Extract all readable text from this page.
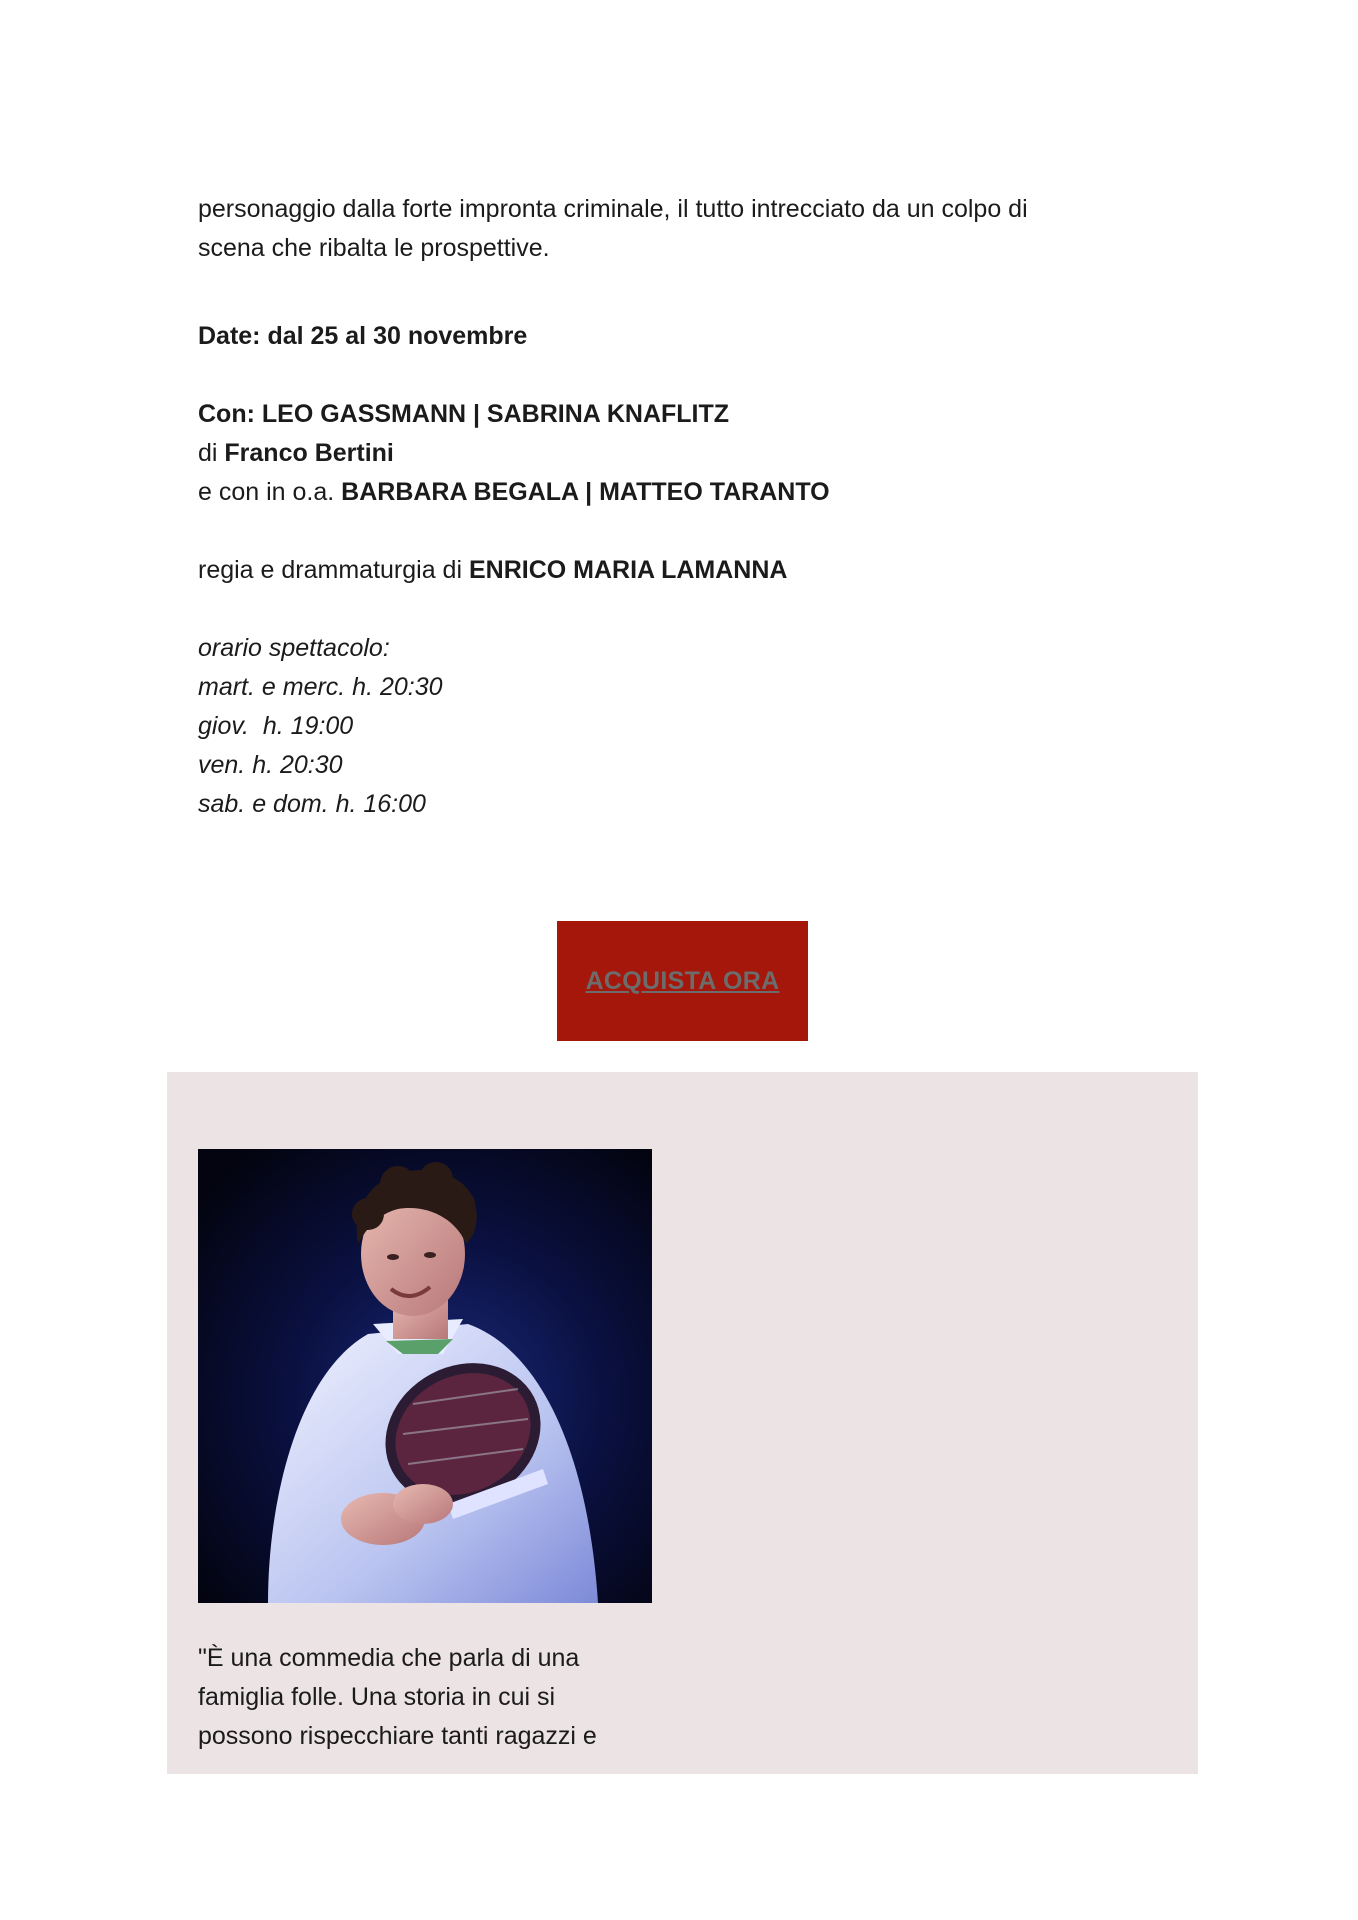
personaggio dalla forte impronta criminale, il tutto intrecciato da un colpo di

scena che ribalta le prospettive.

Date: dal 25 al 30 novembre

Con: LEO GASSMANN | SABRINA KNAFLITZ

di Franco Bertini

e con in o.a. BARBARA BEGALA | MATTEO TARANTO

regia e drammaturgia di ENRICO MARIA LAMANNA

orario spettacolo:

mart. e merc. h. 20:30

giov.  h. 19:00

ven. h. 20:30

sab. e dom. h. 16:00

ACQUISTA ORA
"È una commedia che parla di una
famiglia folle. Una storia in cui si
possono rispecchiare tanti ragazzi e
